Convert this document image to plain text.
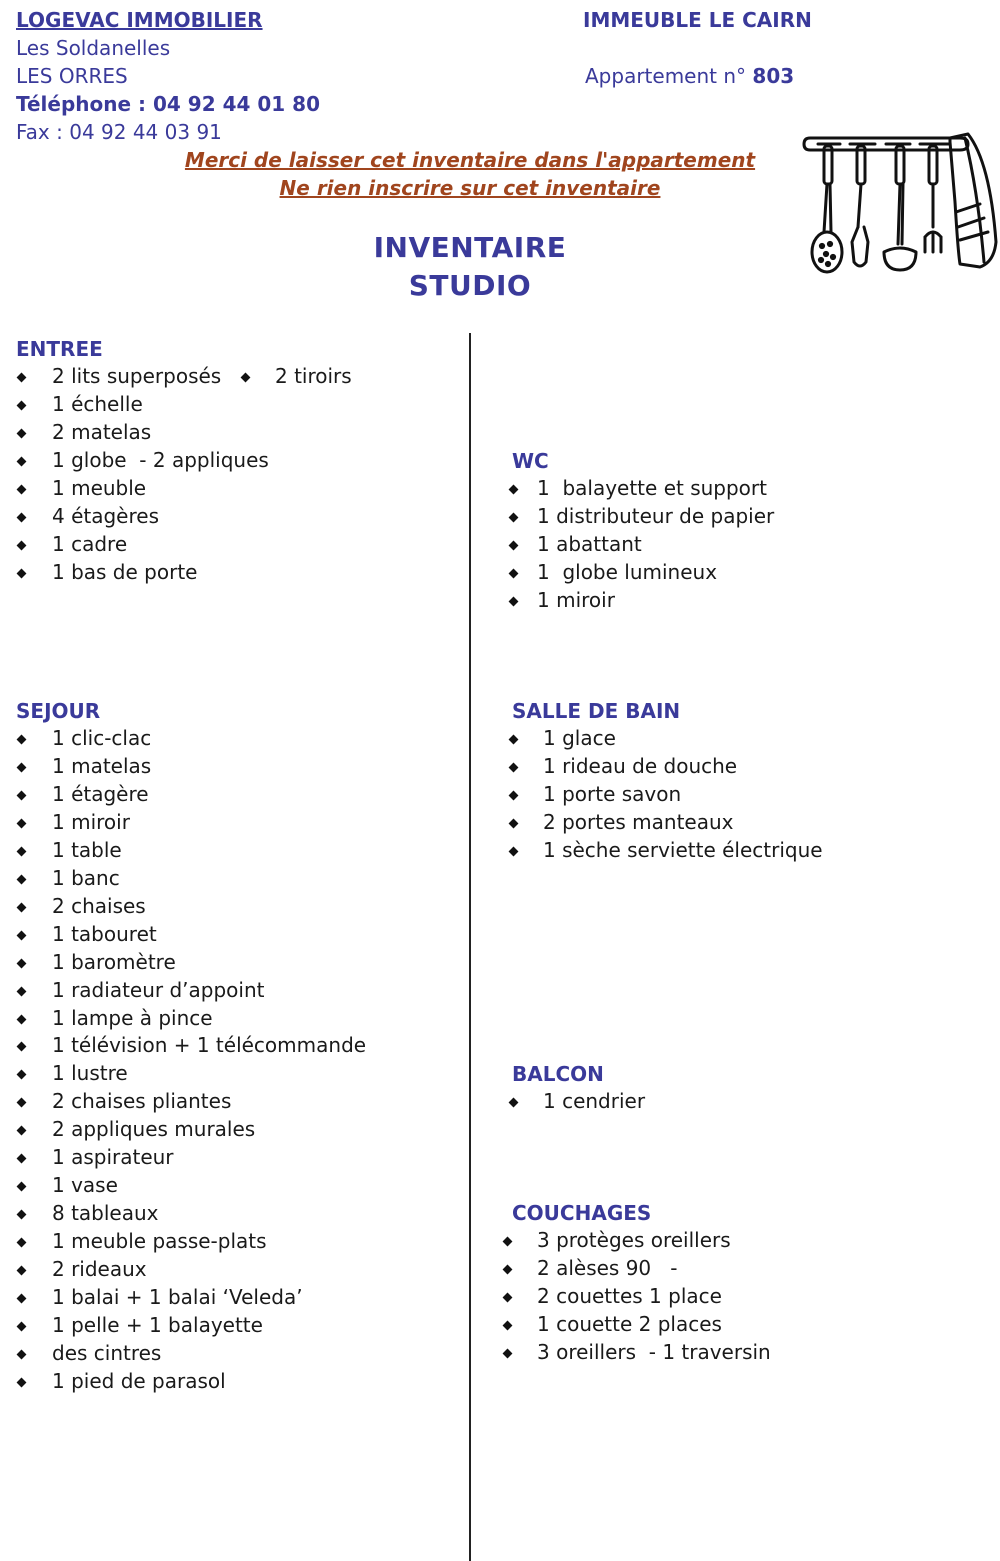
LOGEVAC IMMOBILIER
Les Soldanelles
LES ORRES
Téléphone : 04 92 44 01 80
Fax : 04 92 44 03 91
IMMEUBLE LE CAIRN
Appartement n° 803
Merci de laisser cet inventaire dans l'appartement
Ne rien inscrire sur cet inventaire
INVENTAIRE
STUDIO
ENTREE
2 lits superposés
1 échelle
2 matelas
1 globe  - 2 appliques
1 meuble
4 étagères
1 cadre
1 bas de porte
2 tiroirs
SEJOUR
1 clic-clac
1 matelas
1 étagère
1 miroir
1 table
1 banc
2 chaises
1 tabouret
1 baromètre
1 radiateur d’appoint
1 lampe à pince
1 télévision + 1 télécommande
1 lustre
2 chaises pliantes
2 appliques murales
1 aspirateur
1 vase
8 tableaux
1 meuble passe-plats
2 rideaux
1 balai + 1 balai ‘Veleda’
1 pelle + 1 balayette
des cintres
1 pied de parasol
WC
1  balayette et support
1 distributeur de papier
1 abattant
1  globe lumineux
1 miroir
SALLE DE BAIN
1 glace
1 rideau de douche
1 porte savon
2 portes manteaux
1 sèche serviette électrique
BALCON
1 cendrier
COUCHAGES
3 protèges oreillers
2 alèses 90   -
2 couettes 1 place
1 couette 2 places
3 oreillers  - 1 traversin
